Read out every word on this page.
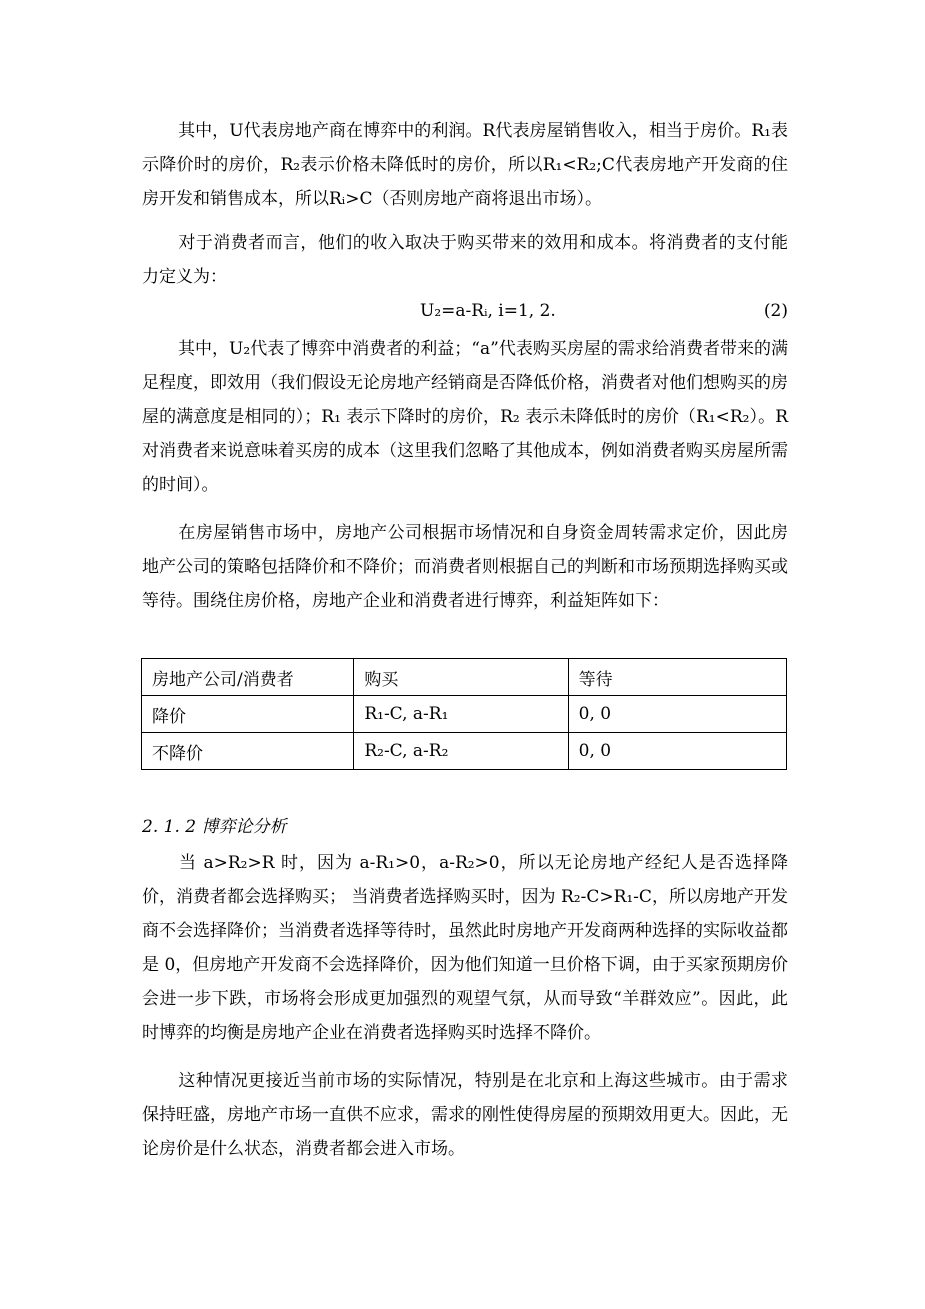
其中，U代表房地产商在博弈中的利润。R代表房屋销售收入，相当于房价。R₁表示降价时的房价，R₂表示价格未降低时的房价，所以R₁<R₂;C代表房地产开发商的住房开发和销售成本，所以Rᵢ>C（否则房地产商将退出市场）。

对于消费者而言，他们的收入取决于购买带来的效用和成本。将消费者的支付能力定义为：

U₂=a-Rᵢ, i=1, 2.	(2)

其中，U₂代表了博弈中消费者的利益；“a”代表购买房屋的需求给消费者带来的满足程度，即效用（我们假设无论房地产经销商是否降低价格，消费者对他们想购买的房屋的满意度是相同的）；R₁ 表示下降时的房价，R₂ 表示未降低时的房价（R₁<R₂）。R 对消费者来说意味着买房的成本（这里我们忽略了其他成本，例如消费者购买房屋所需的时间）。

在房屋销售市场中，房地产公司根据市场情况和自身资金周转需求定价，因此房地产公司的策略包括降价和不降价；而消费者则根据自己的判断和市场预期选择购买或等待。围绕住房价格，房地产企业和消费者进行博弈，利益矩阵如下：

房地产公司/消费者	购买	等待
降价	R₁-C, a-R₁	0, 0
不降价	R₂-C, a-R₂	0, 0
2. 1. 2 博弈论分析

当 a>R₂>R 时，因为 a-R₁>0，a-R₂>0，所以无论房地产经纪人是否选择降价，消费者都会选择购买； 当消费者选择购买时，因为 R₂-C>R₁-C，所以房地产开发商不会选择降价；当消费者选择等待时，虽然此时房地产开发商两种选择的实际收益都是 0，但房地产开发商不会选择降价，因为他们知道一旦价格下调，由于买家预期房价会进一步下跌，市场将会形成更加强烈的观望气氛，从而导致“羊群效应”。因此，此时博弈的均衡是房地产企业在消费者选择购买时选择不降价。

这种情况更接近当前市场的实际情况，特别是在北京和上海这些城市。由于需求保持旺盛，房地产市场一直供不应求，需求的刚性使得房屋的预期效用更大。因此，无论房价是什么状态，消费者都会进入市场。
